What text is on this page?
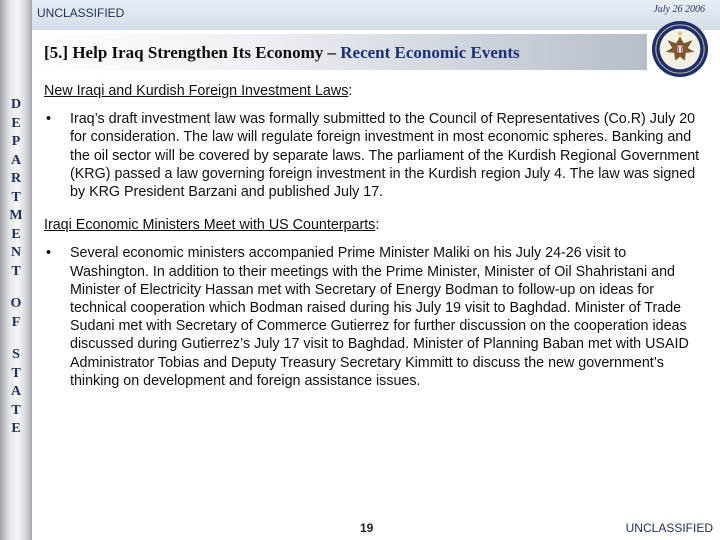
D
E
P
A
R
T
M
E
N
T
O
F
S
T
A
T
E
UNCLASSIFIED	July 26 2006
[5.] Help Iraq Strengthen Its Economy – Recent Economic Events
New Iraqi and Kurdish Foreign Investment Laws:
• Iraq’s draft investment law was formally submitted to the Council of Representatives (Co.R) July 20 for consideration. The law will regulate foreign investment in most economic spheres. Banking and the oil sector will be covered by separate laws. The parliament of the Kurdish Regional Government (KRG) passed a law governing foreign investment in the Kurdish region July 4. The law was signed by KRG President Barzani and published July 17.
Iraqi Economic Ministers Meet with US Counterparts:
• Several economic ministers accompanied Prime Minister Maliki on his July 24-26 visit to Washington. In addition to their meetings with the Prime Minister, Minister of Oil Shahristani and Minister of Electricity Hassan met with Secretary of Energy Bodman to follow-up on ideas for technical cooperation which Bodman raised during his July 19 visit to Baghdad. Minister of Trade Sudani met with Secretary of Commerce Gutierrez for further discussion on the cooperation ideas discussed during Gutierrez’s July 17 visit to Baghdad. Minister of Planning Baban met with USAID Administrator Tobias and Deputy Treasury Secretary Kimmitt to discuss the new government’s thinking on development and foreign assistance issues.
19	UNCLASSIFIED
